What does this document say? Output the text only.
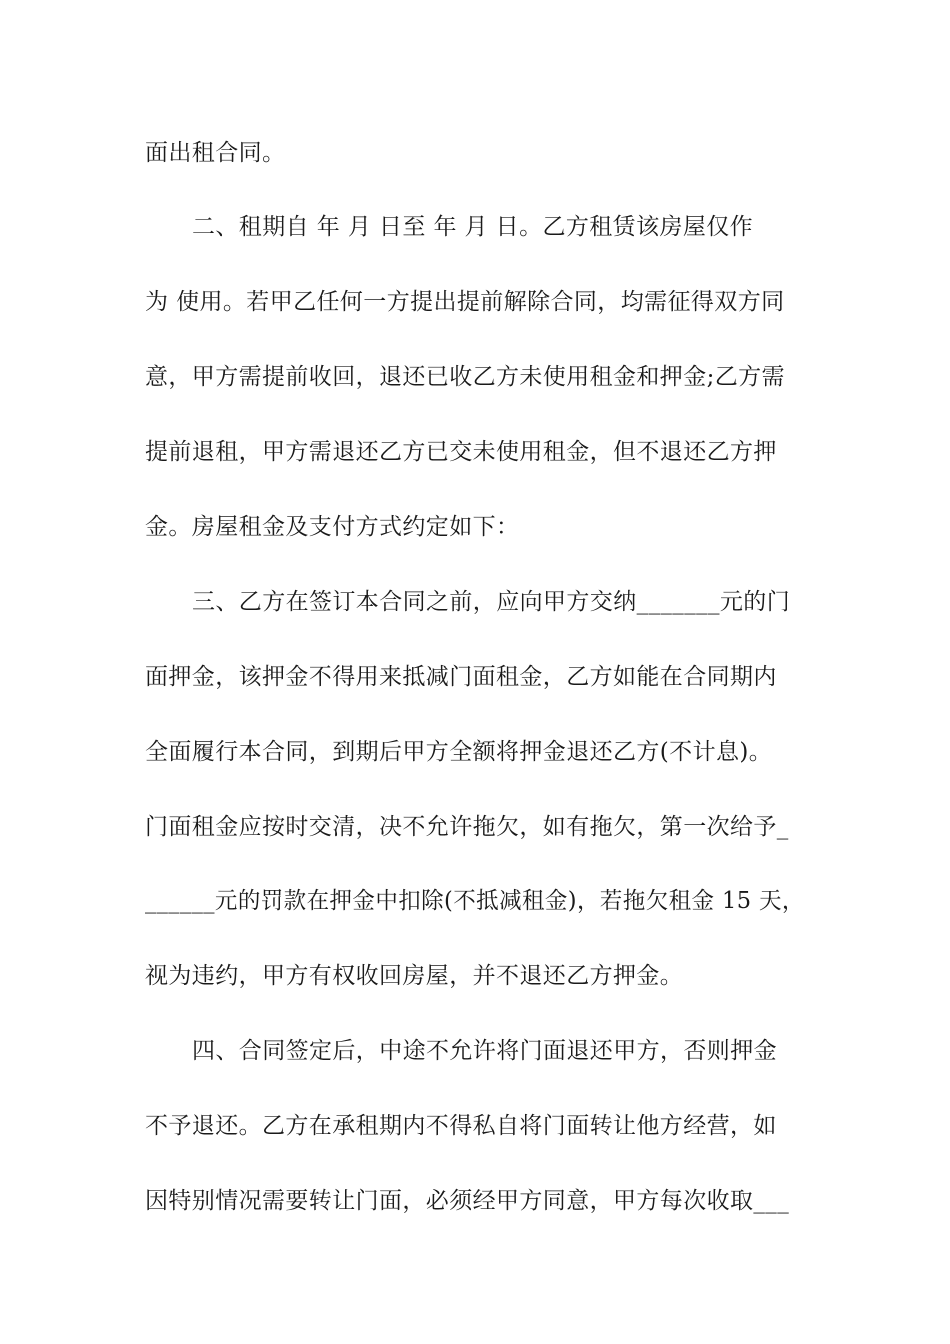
面出租合同。
二、租期自 年 月 日至 年 月 日。乙方租赁该房屋仅作
为 使用。若甲乙任何一方提出提前解除合同，均需征得双方同
意，甲方需提前收回，退还已收乙方未使用租金和押金;乙方需
提前退租，甲方需退还乙方已交未使用租金，但不退还乙方押
金。房屋租金及支付方式约定如下：
三、乙方在签订本合同之前，应向甲方交纳_______元的门
面押金，该押金不得用来抵减门面租金，乙方如能在合同期内
全面履行本合同，到期后甲方全额将押金退还乙方(不计息)。
门面租金应按时交清，决不允许拖欠，如有拖欠，第一次给予_
______元的罚款在押金中扣除(不抵减租金)，若拖欠租金 15 天，
视为违约，甲方有权收回房屋，并不退还乙方押金。
四、合同签定后，中途不允许将门面退还甲方，否则押金
不予退还。乙方在承租期内不得私自将门面转让他方经营，如
因特别情况需要转让门面，必须经甲方同意，甲方每次收取___
